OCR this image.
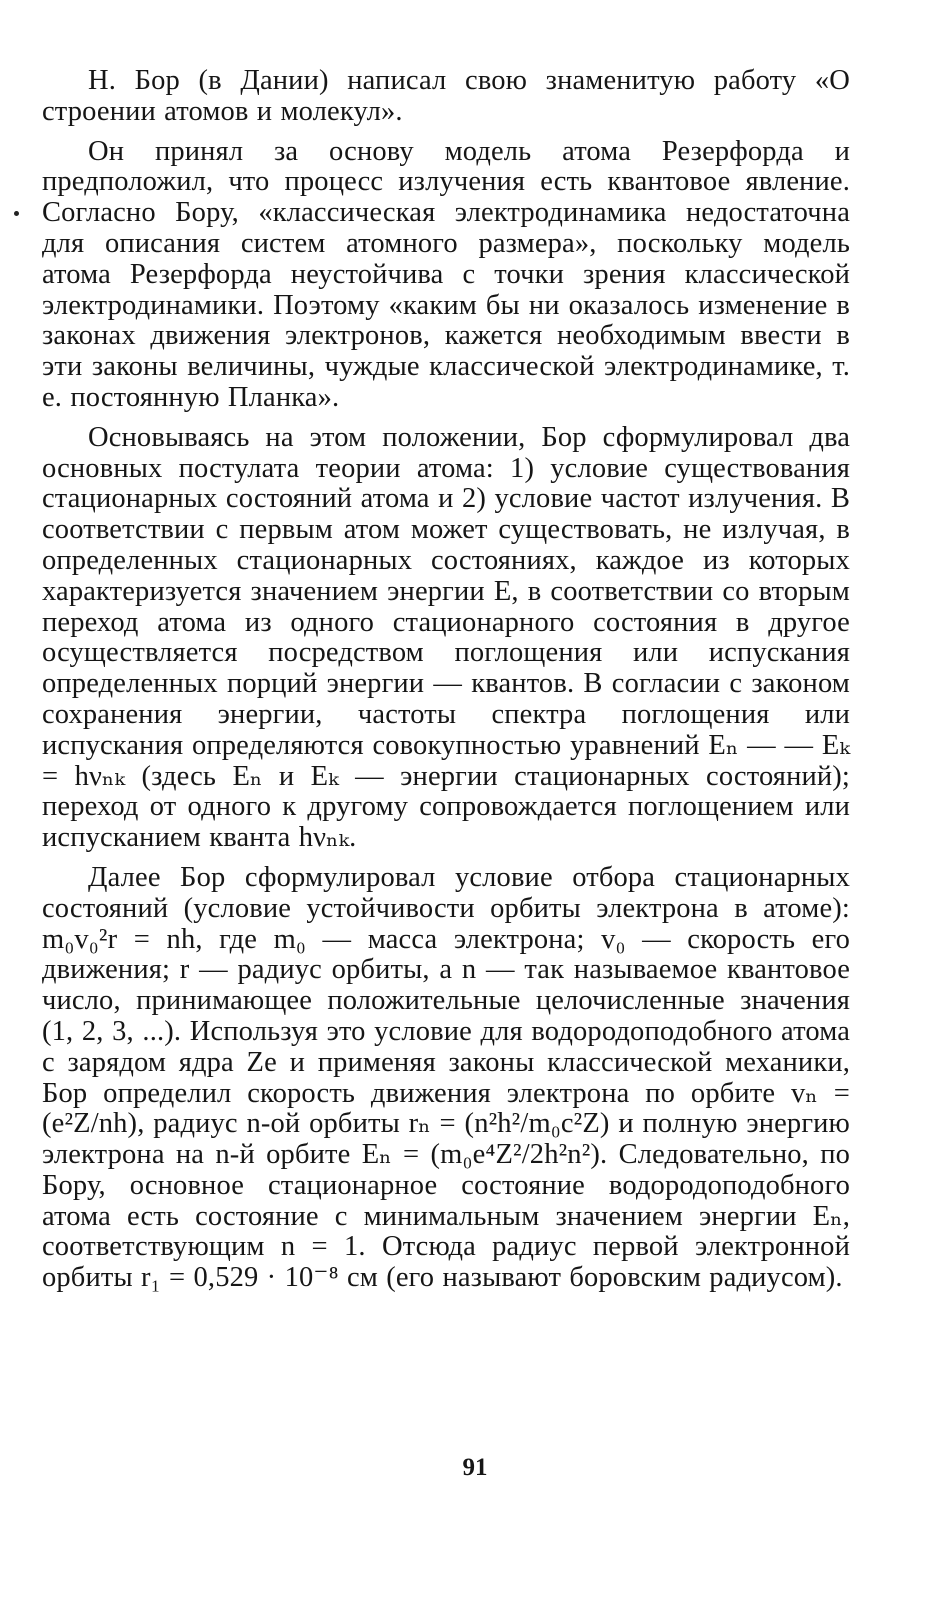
Н. Бор (в Дании) написал свою знаменитую работу «О строении атомов и молекул».

Он принял за основу модель атома Резерфорда и предположил, что процесс излучения есть квантовое явление. Согласно Бору, «классическая электродинамика недостаточна для описания систем атомного размера», поскольку модель атома Резерфорда неустойчива с точки зрения классической электродинамики. Поэтому «каким бы ни оказалось изменение в законах движения электронов, кажется необходимым ввести в эти законы величины, чуждые классической электродинамике, т. е. постоянную Планка».

Основываясь на этом положении, Бор сформулировал два основных постулата теории атома: 1) условие существования стационарных состояний атома и 2) условие частот излучения. В соответствии с первым атом может существовать, не излучая, в определенных стационарных состояниях, каждое из которых характеризуется значением энергии E, в соответствии со вторым переход атома из одного стационарного состояния в другое осуществляется посредством поглощения или испускания определенных порций энергии — квантов. В согласии с законом сохранения энергии, частоты спектра поглощения или испускания определяются совокупностью уравнений Eₙ — — Eₖ = hνₙₖ (здесь Eₙ и Eₖ — энергии стационарных состояний); переход от одного к другому сопровождается поглощением или испусканием кванта hνₙₖ.

Далее Бор сформулировал условие отбора стационарных состояний (условие устойчивости орбиты электрона в атоме): m₀v₀²r = nh, где m₀ — масса электрона; v₀ — скорость его движения; r — радиус орбиты, а n — так называемое квантовое число, принимающее положительные целочисленные значения (1, 2, 3, ...). Используя это условие для водородоподобного атома с зарядом ядра Ze и применяя законы классической механики, Бор определил скорость движения электрона по орбите vₙ = (e²Z/nh), радиус n-ой орбиты rₙ = (n²h²/m₀c²Z) и полную энергию электрона на n-й орбите Eₙ = (m₀e⁴Z²/2h²n²). Следовательно, по Бору, основное стационарное состояние водородоподобного атома есть состояние с минимальным значением энергии Eₙ, соответствующим n = 1. Отсюда радиус первой электронной орбиты r₁ = 0,529 · 10⁻⁸ см (его называют боровским радиусом).

91
